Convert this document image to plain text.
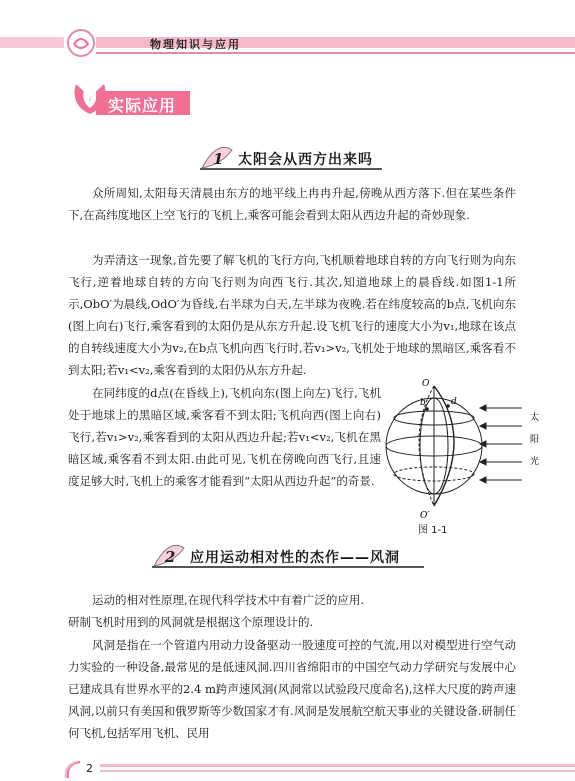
物理知识与应用
实际应用
1 太阳会从西方出来吗

众所周知,太阳每天清晨由东方的地平线上冉冉升起,傍晚从西方落下.但在某些条件下,在高纬度地区上空飞行的飞机上,乘客可能会看到太阳从西边升起的奇妙现象.

为弄清这一现象,首先要了解飞机的飞行方向,飞机顺着地球自转的方向飞行则为向东飞行,逆着地球自转的方向飞行则为向西飞行.其次,知道地球上的晨昏线.如图1-1所示,ObO′为晨线,OdO′为昏线,右半球为白天,左半球为夜晚.若在纬度较高的b点,飞机向东(图上向右)飞行,乘客看到的太阳仍是从东方升起.设飞机飞行的速度大小为v₁,地球在该点的自转线速度大小为v₂,在b点飞机向西飞行时,若v₁>v₂,飞机处于地球的黑暗区,乘客看不到太阳;若v₁<v₂,乘客看到的太阳仍从东方升起.

在同纬度的d点(在昏线上),飞机向东(图上向左)飞行,飞机处于地球上的黑暗区域,乘客看不到太阳;飞机向西(图上向右)飞行,若v₁>v₂,乘客看到的太阳从西边升起;若v₁<v₂,飞机在黑暗区域,乘客看不到太阳.由此可见,飞机在傍晚向西飞行,且速度足够大时,飞机上的乘客才能看到“太阳从西边升起”的奇景.

O
O′
b	d
太
阳
光
图 1-1
2 应用运动相对性的杰作——风洞

运动的相对性原理,在现代科学技术中有着广泛的应用.研制飞机时用到的风洞就是根据这个原理设计的.

风洞是指在一个管道内用动力设备驱动一股速度可控的气流,用以对模型进行空气动力实验的一种设备,最常见的是低速风洞.四川省绵阳市的中国空气动力学研究与发展中心已建成具有世界水平的2.4 m跨声速风洞(风洞常以试验段尺度命名),这样大尺度的跨声速风洞,以前只有美国和俄罗斯等少数国家才有.风洞是发展航空航天事业的关键设备.研制任何飞机,包括军用飞机、民用

2
